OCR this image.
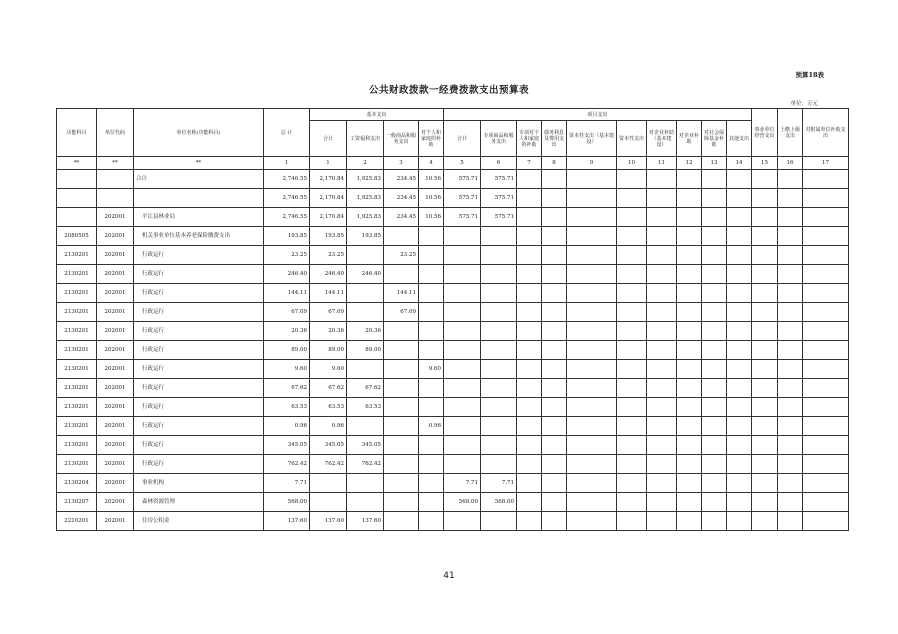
预算18表
公共财政拨款一经费拨款支出预算表
单位：万元
功能科目	单位代码	单位名称(功能科目)	总 计	基本支出				项目支出										事业单位经营支出	上缴上级支出	对附属单位补助支出
				合计	工资福利支出	一般商品和服务支出	对个人和家庭的补助	合计	专项商品和服务支出	专项对个人和家庭的补助	债务利息及费用支出	资本性支出（基本建设）	资本性支出	对企业补助（基本建设）	对企业补助	对社会保障基金补助	其他支出			
**	**	**	1	1	2	3	4	5	6	7	8	9	10	11	12	13	14	15	16	17
		合计	2,746.55	2,170.84	1,925.83	234.45	10.56	575.71	575.71											
			2,746.55	2,170.84	1,925.83	234.45	10.56	575.71	575.71											
	202001	平江县林业局	2,746.55	2,170.84	1,925.83	234.45	10.56	575.71	575.71											
2080505	202001	机关事业单位基本养老保险缴费支出	193.85	193.85	193.85															
2130201	202001	行政运行	23.25	23.25		23.25														
2130201	202001	行政运行	246.40	246.40	246.40															
2130201	202001	行政运行	144.11	144.11		144.11														
2130201	202001	行政运行	67.09	67.09		67.09														
2130201	202001	行政运行	20.36	20.36	20.36															
2130201	202001	行政运行	89.00	89.00	89.00															
2130201	202001	行政运行	9.60	9.60			9.60													
2130201	202001	行政运行	67.62	67.62	67.62															
2130201	202001	行政运行	63.53	63.53	63.53															
2130201	202001	行政运行	0.96	0.96			0.96													
2130201	202001	行政运行	345.05	345.05	345.05															
2130201	202001	行政运行	762.42	762.42	762.42															
2130204	202001	事业机构	7.71					7.71	7.71											
2130207	202001	森林资源管理	568.00					568.00	568.00											
2210201	202001	住房公积金	137.60	137.60	137.60															
41
